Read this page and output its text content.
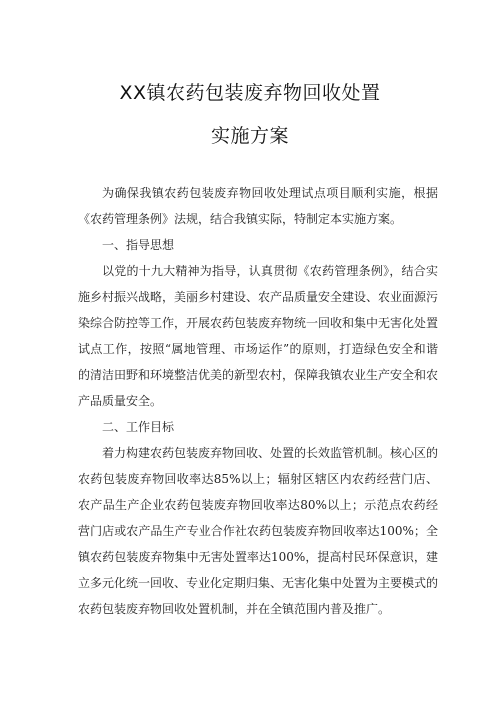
XX镇农药包装废弃物回收处置
实施方案

为确保我镇农药包装废弃物回收处理试点项目顺利实施，根据《农药管理条例》法规，结合我镇实际，特制定本实施方案。

一、指导思想

以党的十九大精神为指导，认真贯彻《农药管理条例》，结合实施乡村振兴战略，美丽乡村建设、农产品质量安全建设、农业面源污染综合防控等工作，开展农药包装废弃物统一回收和集中无害化处置试点工作，按照“属地管理、市场运作”的原则，打造绿色安全和谐的清洁田野和环境整洁优美的新型农村，保障我镇农业生产安全和农产品质量安全。

二、工作目标

着力构建农药包装废弃物回收、处置的长效监管机制。核心区的农药包装废弃物回收率达85%以上；辐射区辖区内农药经营门店、农产品生产企业农药包装废弃物回收率达80%以上；示范点农药经营门店或农产品生产专业合作社农药包装废弃物回收率达100%；全镇农药包装废弃物集中无害处置率达100%，提高村民环保意识，建立多元化统一回收、专业化定期归集、无害化集中处置为主要模式的农药包装废弃物回收处置机制，并在全镇范围内普及推广。
